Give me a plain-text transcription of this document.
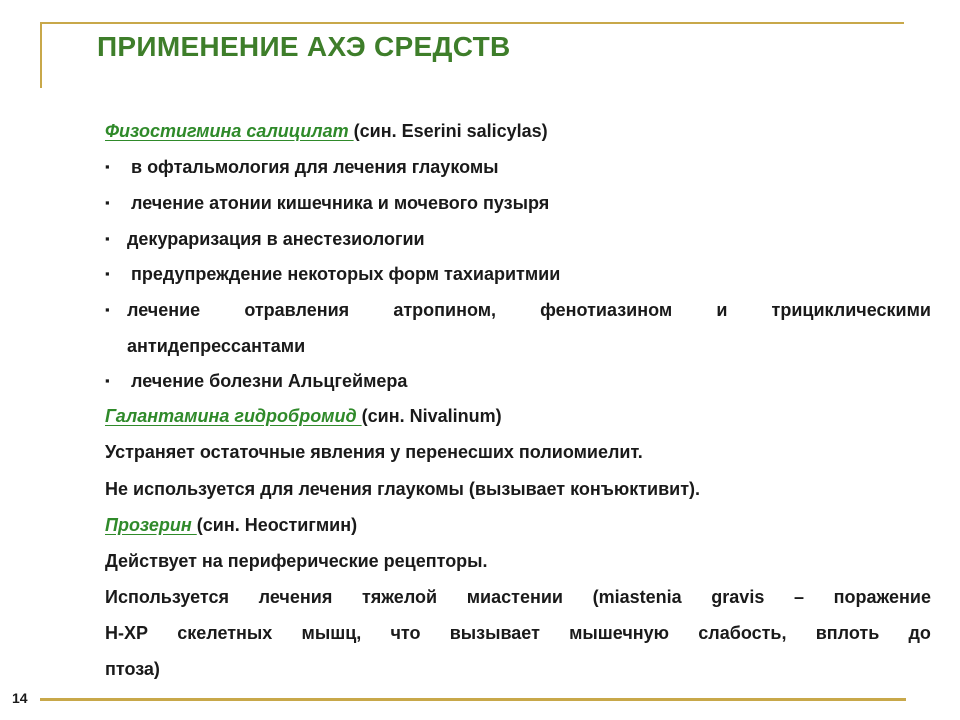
ПРИМЕНЕНИЕ АХЭ СРЕДСТВ
Физостигмина салицилат (син. Eserini salicylas)
▪ в офтальмология для лечения глаукомы
▪ лечение атонии кишечника и мочевого пузыря
▪ декураризация в анестезиологии
▪ предупреждение некоторых форм тахиаритмии
▪ лечение отравления атропином, фенотиазином и трициклическими
антидепрессантами
▪ лечение болезни Альцгеймера
Галантамина гидробромид (син. Nivalinum)
Устраняет остаточные явления у перенесших полиомиелит.
Не используется для лечения глаукомы (вызывает конъюктивит).
Прозерин (син. Неостигмин)
Действует на периферические рецепторы.
Используется лечения тяжелой миастении (miastenia gravis – поражение
Н-ХР скелетных мышц, что вызывает мышечную слабость, вплоть до
птоза)
14
